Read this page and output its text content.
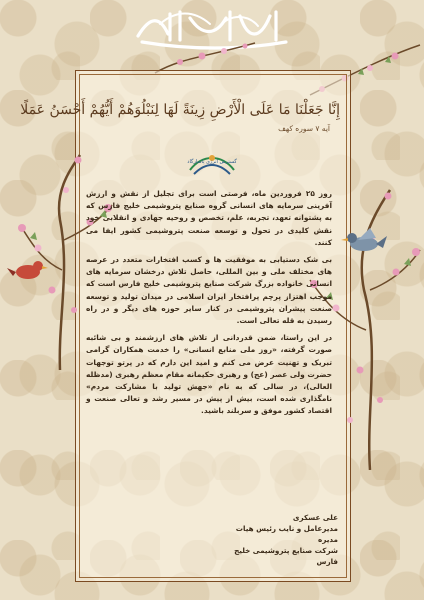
إِنَّا جَعَلْنَا مَا عَلَى الْأَرْضِ زِينَةً لَهَا لِنَبْلُوَهُمْ أَيُّهُمْ أَحْسَنُ عَمَلًا
آیه ۷ سوره کهف
گسترش انرژی پاسارگاد

روز ۲۵ فروردین ماه، فرصتی است برای تجلیل از نقش و ارزش آفرینی سرمایه های انسانی گروه صنایع پتروشیمی خلیج فارس که به پشتوانه تعهد، تجربه، علم، تخصص و روحیه جهادی و انقلابی خود نقش کلیدی در تحول و توسعه صنعت پتروشیمی کشور ایفا می کنند.

بی شک دستیابی به موفقیت ها و کسب افتخارات متعدد در عرصه های مختلف ملی و بین المللی، حاصل تلاش درخشان سرمایه های انسانی خانواده بزرگ شرکت صنایع پتروشیمی خلیج فارس است که موجب اهتزاز پرچم پرافتخار ایران اسلامی در میدان تولید و توسعه صنعت پیشران پتروشیمی در کنار سایر حوزه های دیگر و در راه رسیدن به قله تعالی است.

در این راستا، ضمن قدردانی از تلاش های ارزشمند و بی شائبه صورت گرفته، «روز ملی منابع انسانی» را خدمت همکاران گرامی تبریک و تهنیت عرض می کنم و امید این دارم که در پرتو توجهات حضرت ولی عصر (عج) و رهبری حکیمانه مقام معظم رهبری (مدظله العالی)، در سالی که به نام «جهش تولید با مشارکت مردم» نامگذاری شده است، بیش از پیش در مسیر رشد و تعالی صنعت و اقتصاد کشور موفق و سربلند باشید.

علی عسکری
مدیرعامل و نایب رئیس هیات مدیره
شرکت صنایع پتروشیمی خلیج فارس
